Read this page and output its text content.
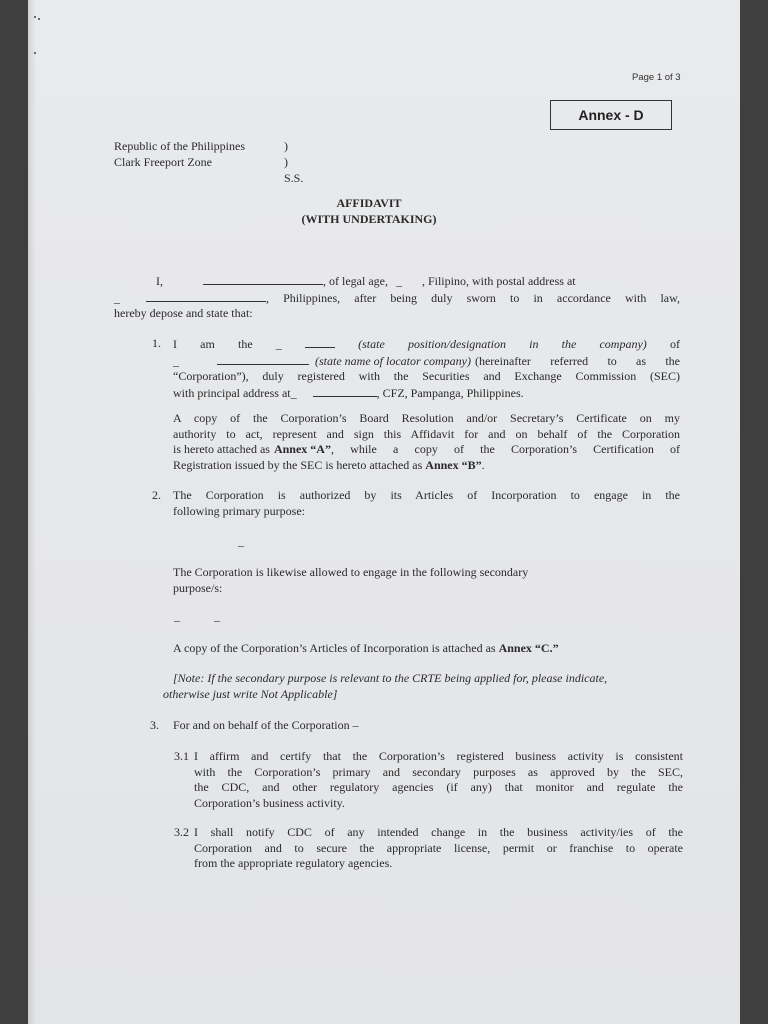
Page 1 of 3
Annex - D
Republic of the Philippines	)
Clark Freeport Zone	) S.S.
AFFIDAVIT
(WITH UNDERTAKING)
I,	, of legal age, _ , Filipino, with postal address at
_	, Philippines, after being duly sworn to in accordance with law,
hereby depose and state that:
1. I am the _	(state position/designation in the company) of
_	(state name of locator company) (hereinafter referred to as the
“Corporation”), duly registered with the Securities and Exchange Commission (SEC)
with principal address at _	, CFZ, Pampanga, Philippines.
A copy of the Corporation’s Board Resolution and/or Secretary’s Certificate on my
authority to act, represent and sign this Affidavit for and on behalf of the Corporation
is hereto attached as Annex “A” , while a copy of the Corporation’s Certification of
Registration issued by the SEC is hereto attached as Annex “B”.
2. The Corporation is authorized by its Articles of Incorporation to engage in the
following primary purpose:
–
The Corporation is likewise allowed to engage in the following secondary
purpose/s:
–	–
A copy of the Corporation’s Articles of Incorporation is attached as Annex “C.”
[Note: If the secondary purpose is relevant to the CRTE being applied for, please indicate,
otherwise just write Not Applicable]
3. For and on behalf of the Corporation –
3.1 I affirm and certify that the Corporation’s registered business activity is consistent
with the Corporation’s primary and secondary purposes as approved by the SEC,
the CDC, and other regulatory agencies (if any) that monitor and regulate the
Corporation’s business activity.
3.2 I shall notify CDC of any intended change in the business activity/ies of the
Corporation and to secure the appropriate license, permit or franchise to operate
from the appropriate regulatory agencies.
